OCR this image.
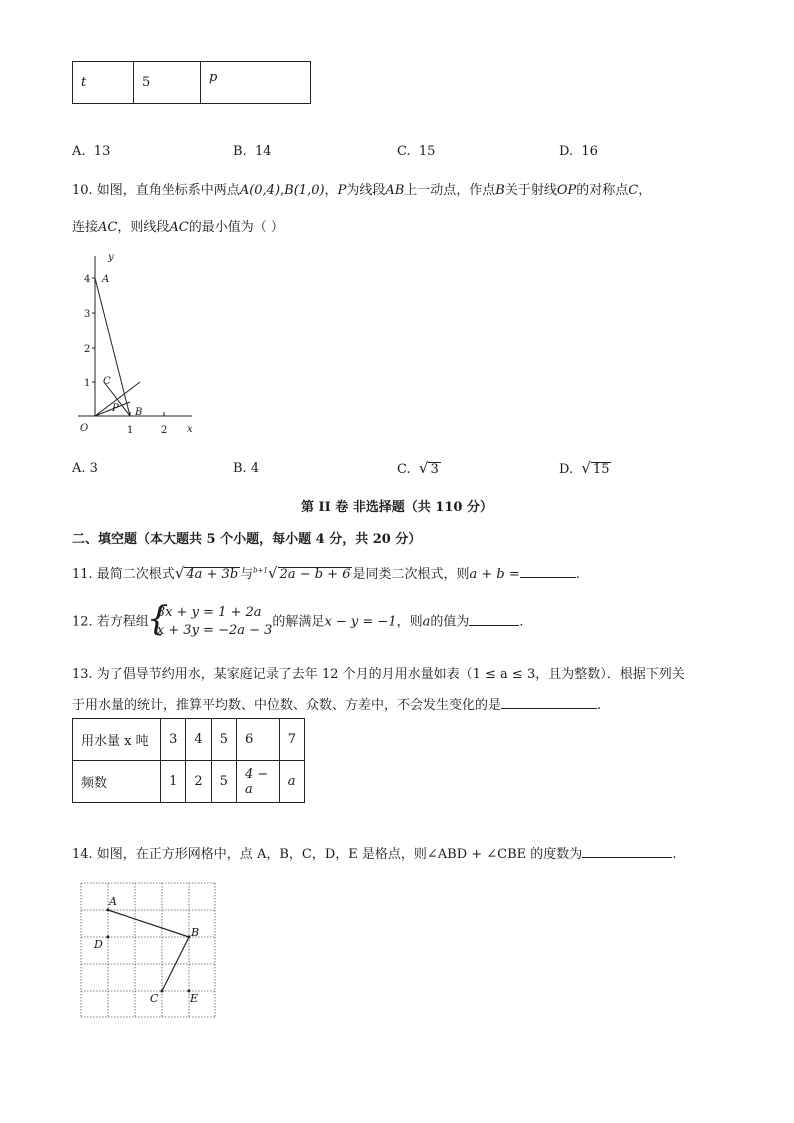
t	5	p
A. 13	B. 14	C. 15	D. 16
10. 如图，直角坐标系中两点A(0,4),B(1,0)，P为线段AB上一动点，作点B关于射线OP的对称点C，
连接AC，则线段AC的最小值为（ ）
y
x
O
A
C
P B
4
3
2
1
1	2
A. 3	B. 4	C. √ 3	D. √ 15
第 II 卷 非选择题（共 110 分）
二、填空题（本大题共 5 个小题，每小题 4 分，共 20 分）
11. 最简二次根式√ 4a + 3b 与$^{b+1}$√ 2a − b + 6 是同类二次根式，则a + b =	.
12. 若方程组
{
3x + y = 1 + 2a
x + 3y = −2a − 3
的解满足x − y = −1，则a的值为	.
13. 为了倡导节约用水，某家庭记录了去年 12 个月的月用水量如表（1 ≤ a ≤ 3，且为整数）．根据下列关
于用水量的统计，推算平均数、中位数、众数、方差中，不会发生变化的是	.
用水量 x 吨	3	4	5	6	7
频数	1	2	5	4 − a	a
14. 如图，在正方形网格中，点 A，B，C，D，E 是格点，则∠ABD + ∠CBE 的度数为	.
A
B
C
D
E
